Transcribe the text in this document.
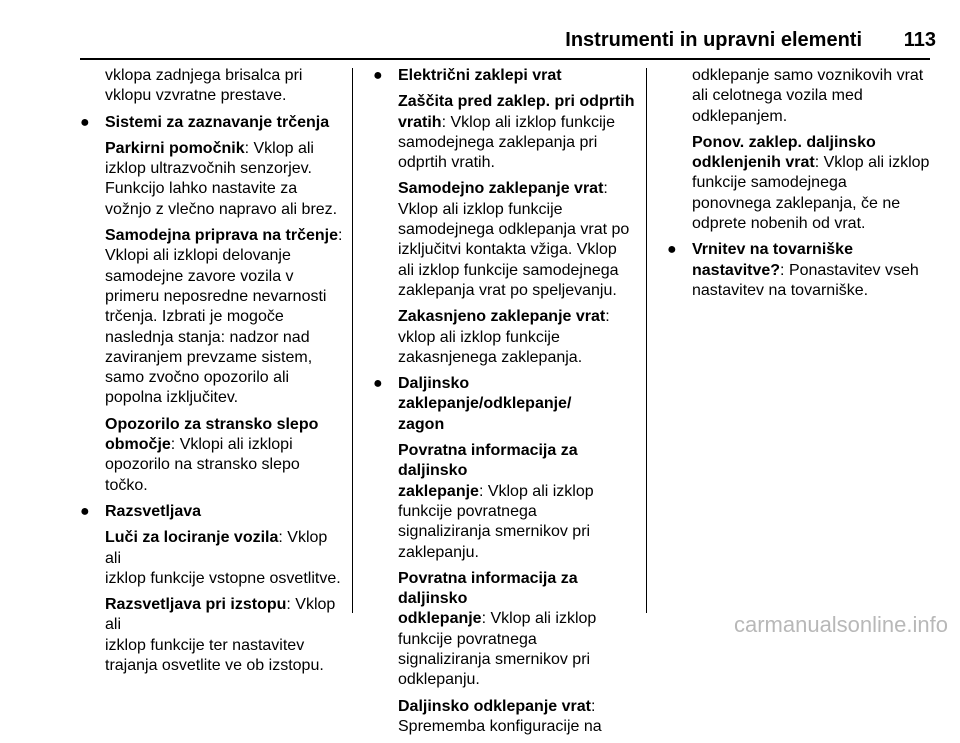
Instrumenti in upravni elementi	113

vklopa zadnjega brisalca pri
vklopu vzvratne prestave.

● Sistemi za zaznavanje trčenja

Parkirni pomočnik: Vklop ali
izklop ultrazvočnih senzorjev.
Funkcijo lahko nastavite za
vožnjo z vlečno napravo ali brez.

Samodejna priprava na trčenje:
Vklopi ali izklopi delovanje
samodejne zavore vozila v
primeru neposredne nevarnosti
trčenja. Izbrati je mogoče
naslednja stanja: nadzor nad
zaviranjem prevzame sistem,
samo zvočno opozorilo ali
popolna izključitev.

Opozorilo za stransko slepo
območje: Vklopi ali izklopi
opozorilo na stransko slepo
točko.

● Razsvetljava

Luči za lociranje vozila: Vklop ali
izklop funkcije vstopne osvetlitve.

Razsvetljava pri izstopu: Vklop ali
izklop funkcije ter nastavitev
trajanja osvetlite ve ob izstopu.

● Električni zaklepi vrat

Zaščita pred zaklep. pri odprtih
vratih: Vklop ali izklop funkcije
samodejnega zaklepanja pri
odprtih vratih.

Samodejno zaklepanje vrat:
Vklop ali izklop funkcije
samodejnega odklepanja vrat po
izključitvi kontakta vžiga. Vklop
ali izklop funkcije samodejnega
zaklepanja vrat po speljevanju.

Zakasnjeno zaklepanje vrat:
vklop ali izklop funkcije
zakasnjenega zaklepanja.

● Daljinsko zaklepanje/odklepanje/
zagon

Povratna informacija za daljinsko
zaklepanje: Vklop ali izklop
funkcije povratnega
signaliziranja smernikov pri
zaklepanju.

Povratna informacija za daljinsko
odklepanje: Vklop ali izklop
funkcije povratnega
signaliziranja smernikov pri
odklepanju.

Daljinsko odklepanje vrat:
Sprememba konfiguracije na

odklepanje samo voznikovih vrat
ali celotnega vozila med
odklepanjem.

Ponov. zaklep. daljinsko
odklenjenih vrat: Vklop ali izklop
funkcije samodejnega
ponovnega zaklepanja, če ne
odprete nobenih od vrat.

● Vrnitev na tovarniške
nastavitve?: Ponastavitev vseh
nastavitev na tovarniške.

carmanualsonline.info
